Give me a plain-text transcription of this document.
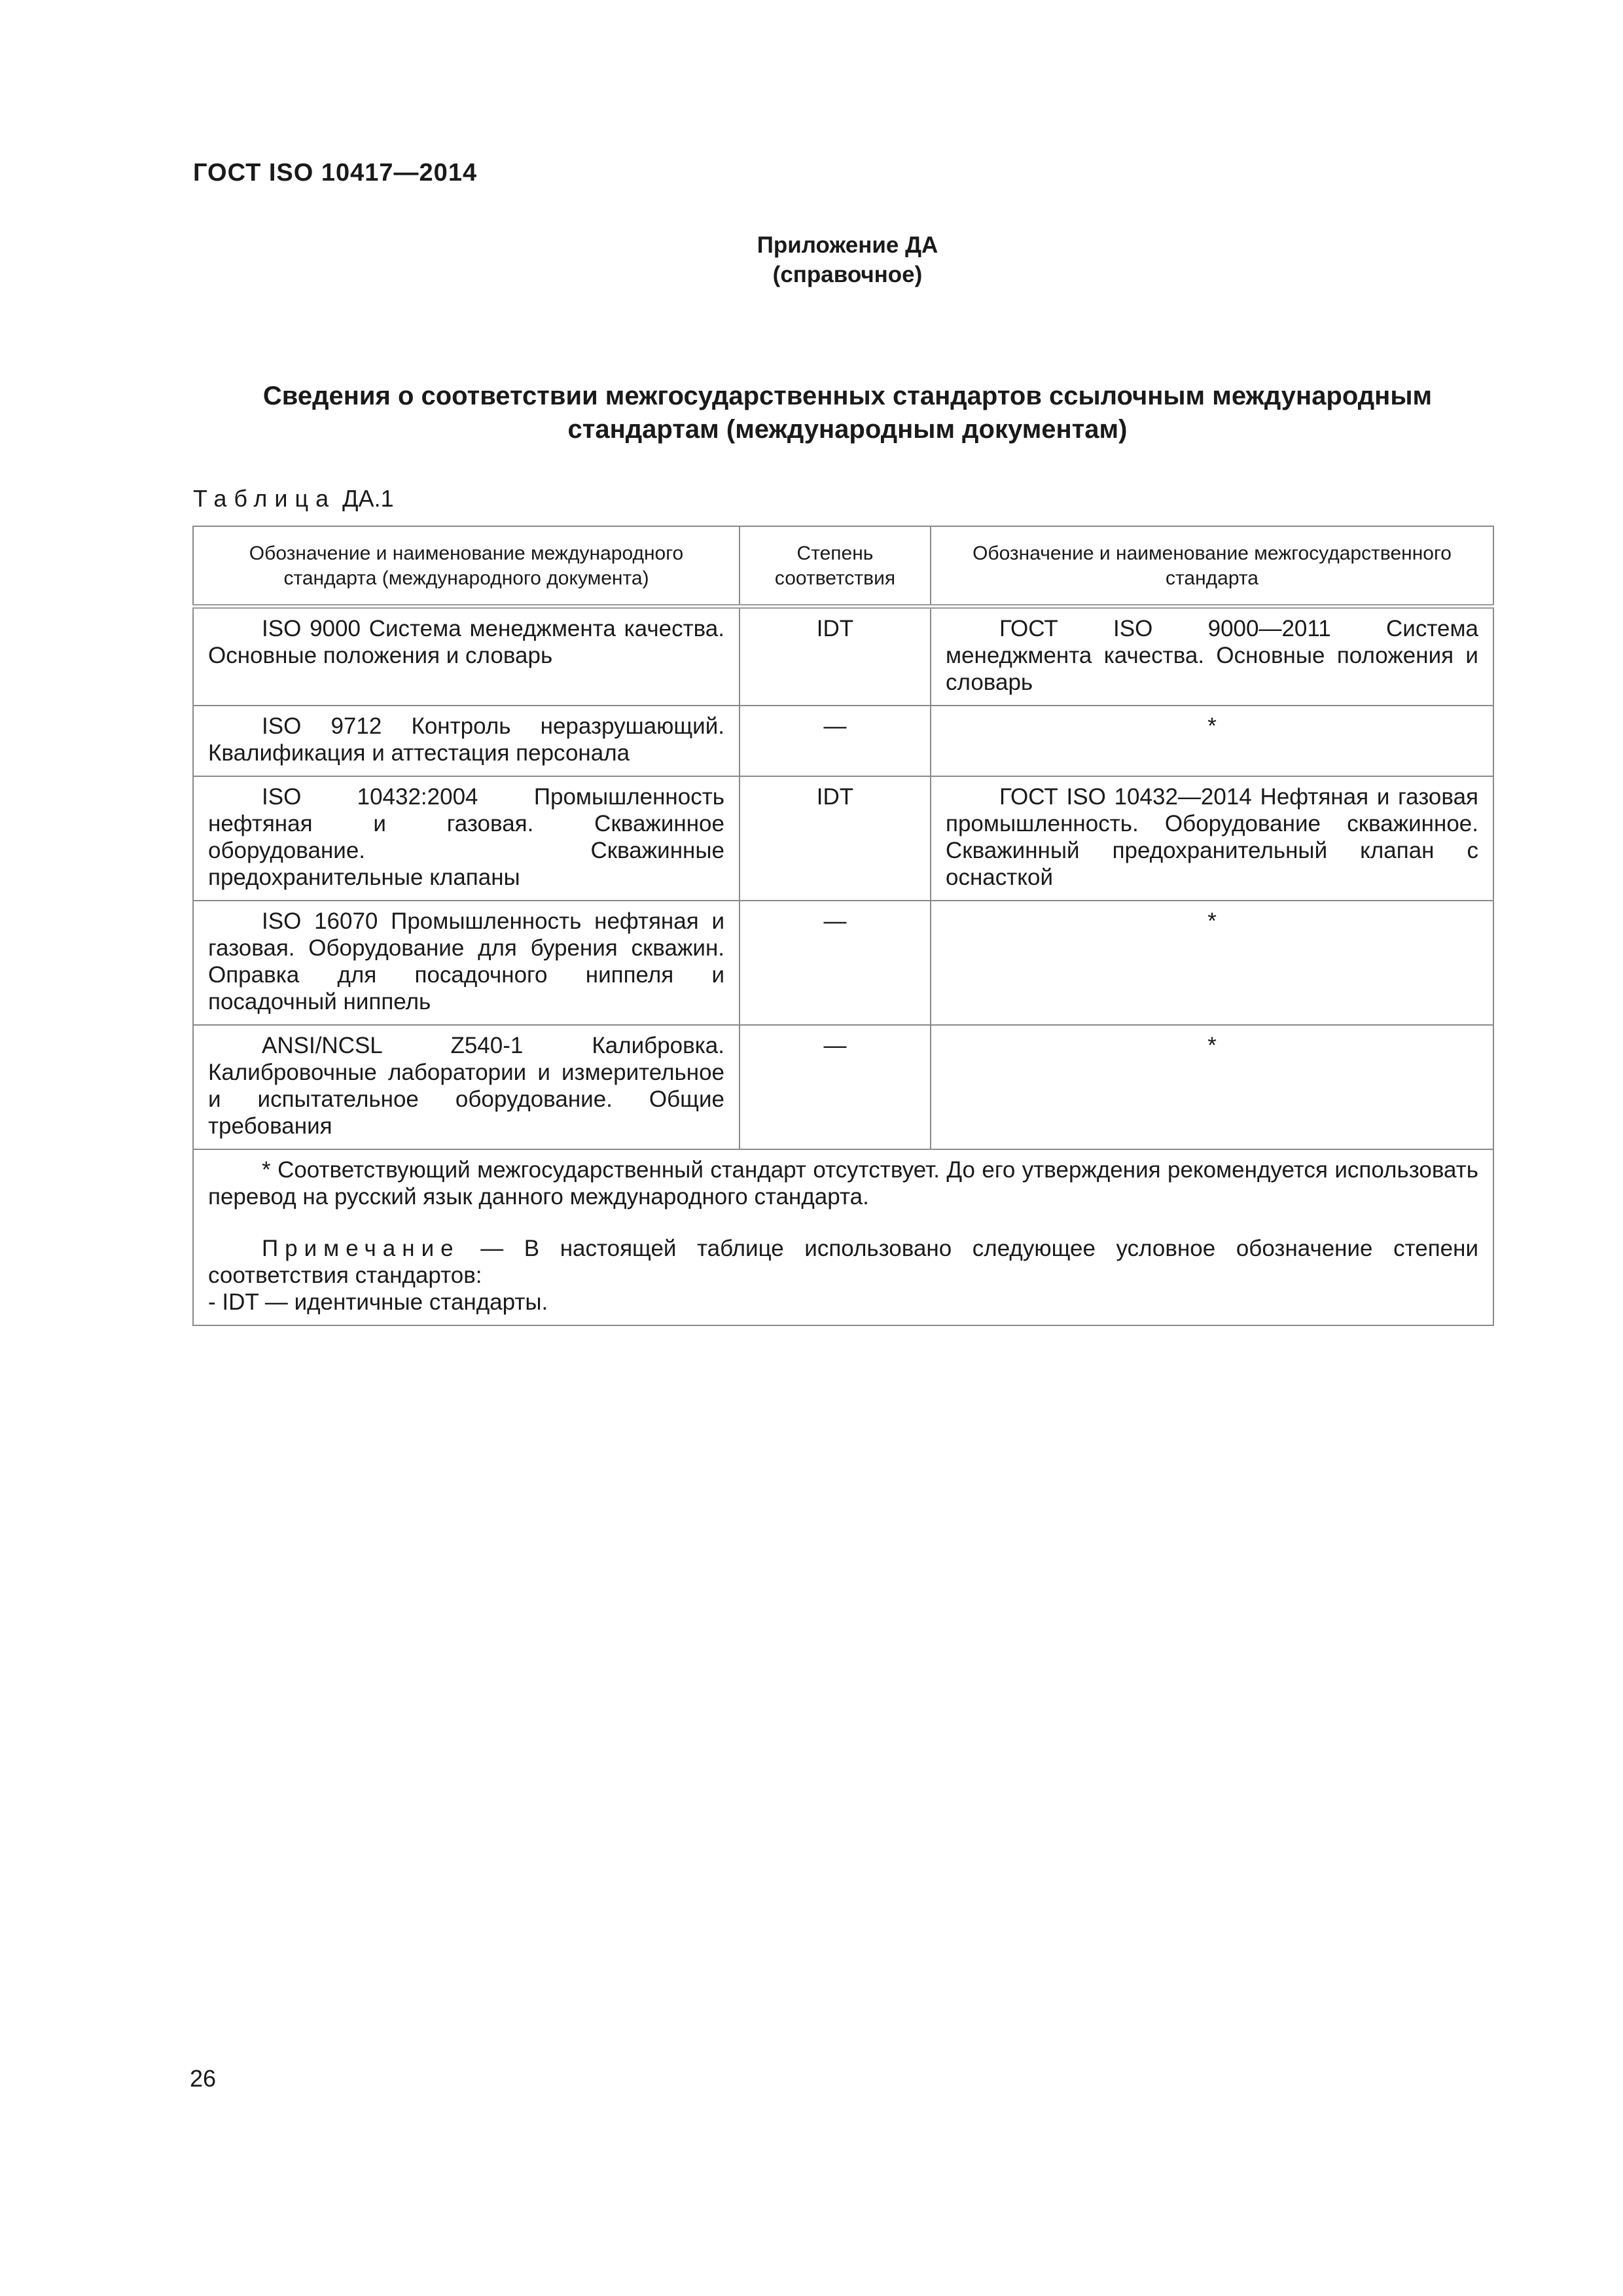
ГОСТ ISO 10417—2014
Приложение ДА
(справочное)
Сведения о соответствии межгосударственных стандартов ссылочным международным
стандартам (международным документам)
Таблица ДА.1
Обозначение и наименование международного стандарта (международного документа)	Степень соответствия	Обозначение и наименование межгосударственного стандарта
ISO 9000 Система менеджмента качества. Основные положения и словарь	IDT	ГОСТ ISO 9000—2011 Система менеджмента качества. Основные положения и словарь
ISO 9712 Контроль неразрушающий. Квалификация и аттестация персонала	—	*
ISO 10432:2004 Промышленность нефтяная и газовая. Скважинное оборудование. Скважинные предохранительные клапаны	IDT	ГОСТ ISO 10432—2014 Нефтяная и газовая промышленность. Оборудование скважинное. Скважинный предохранительный клапан с оснасткой
ISO 16070 Промышленность нефтяная и газовая. Оборудование для бурения скважин. Оправка для посадочного ниппеля и посадочный ниппель	—	*
ANSI/NCSL Z540-1 Калибровка. Калибровочные лаборатории и измерительное и испытательное оборудование. Общие требования	—	*

* Соответствующий межгосударственный стандарт отсутствует. До его утверждения рекомендуется использовать перевод на русский язык данного международного стандарта.

Примечание — В настоящей таблице использовано следующее условное обозначение степени соответствия стандартов:

- IDT — идентичные стандарты.		
26
